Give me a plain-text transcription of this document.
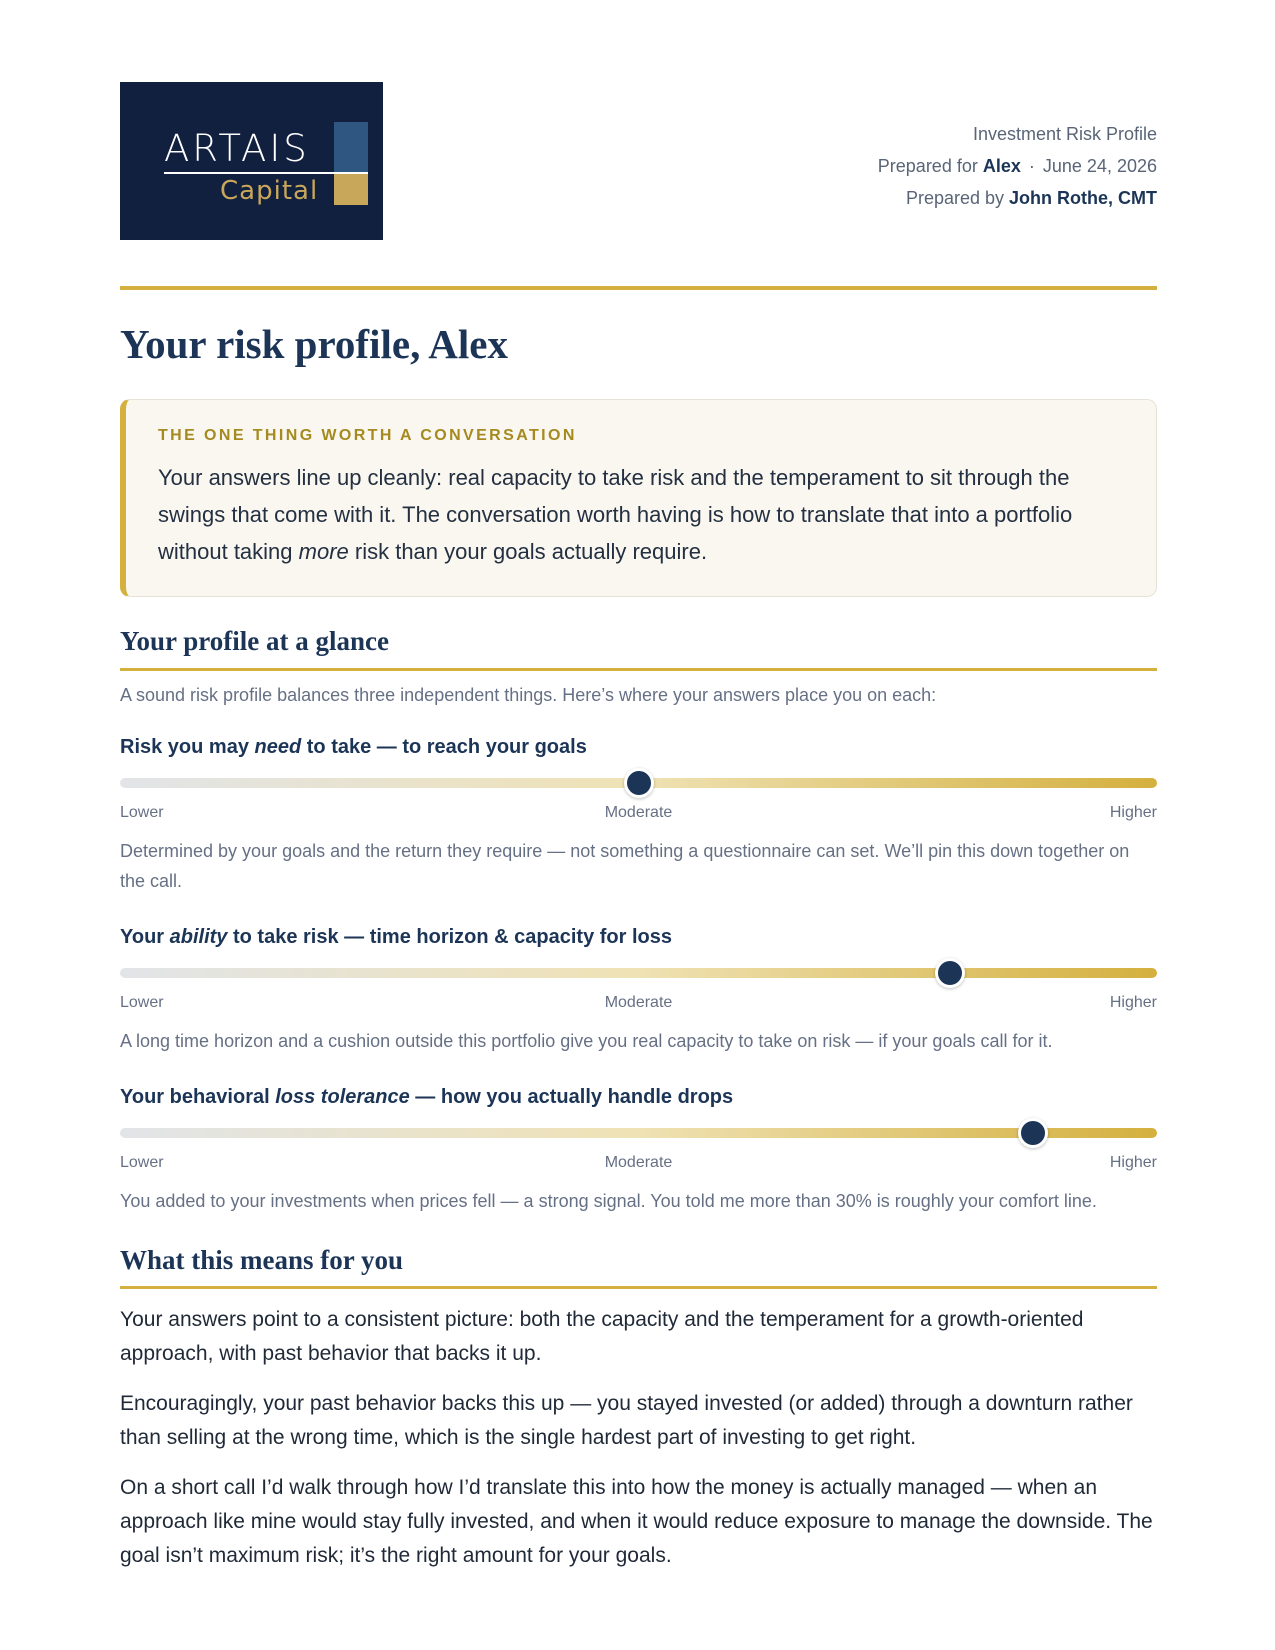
ARTAIS
Capital
Investment Risk Profile
Prepared for Alex · June 24, 2026
Prepared by John Rothe, CMT
Your risk profile, Alex
THE ONE THING WORTH A CONVERSATION
Your answers line up cleanly: real capacity to take risk and the temperament to sit through the swings that come with it. The conversation worth having is how to translate that into a portfolio without taking more risk than your goals actually require.
Your profile at a glance
A sound risk profile balances three independent things. Here’s where your answers place you on each:
Risk you may need to take — to reach your goals
Lower	Moderate	Higher
Determined by your goals and the return they require — not something a questionnaire can set. We’ll pin this down together on the call.
Your ability to take risk — time horizon & capacity for loss
Lower	Moderate	Higher
A long time horizon and a cushion outside this portfolio give you real capacity to take on risk — if your goals call for it.
Your behavioral loss tolerance — how you actually handle drops
Lower	Moderate	Higher
You added to your investments when prices fell — a strong signal. You told me more than 30% is roughly your comfort line.
What this means for you

Your answers point to a consistent picture: both the capacity and the temperament for a growth-oriented approach, with past behavior that backs it up.

Encouragingly, your past behavior backs this up — you stayed invested (or added) through a downturn rather than selling at the wrong time, which is the single hardest part of investing to get right.

On a short call I’d walk through how I’d translate this into how the money is actually managed — when an approach like mine would stay fully invested, and when it would reduce exposure to manage the downside. The goal isn’t maximum risk; it’s the right amount for your goals.
